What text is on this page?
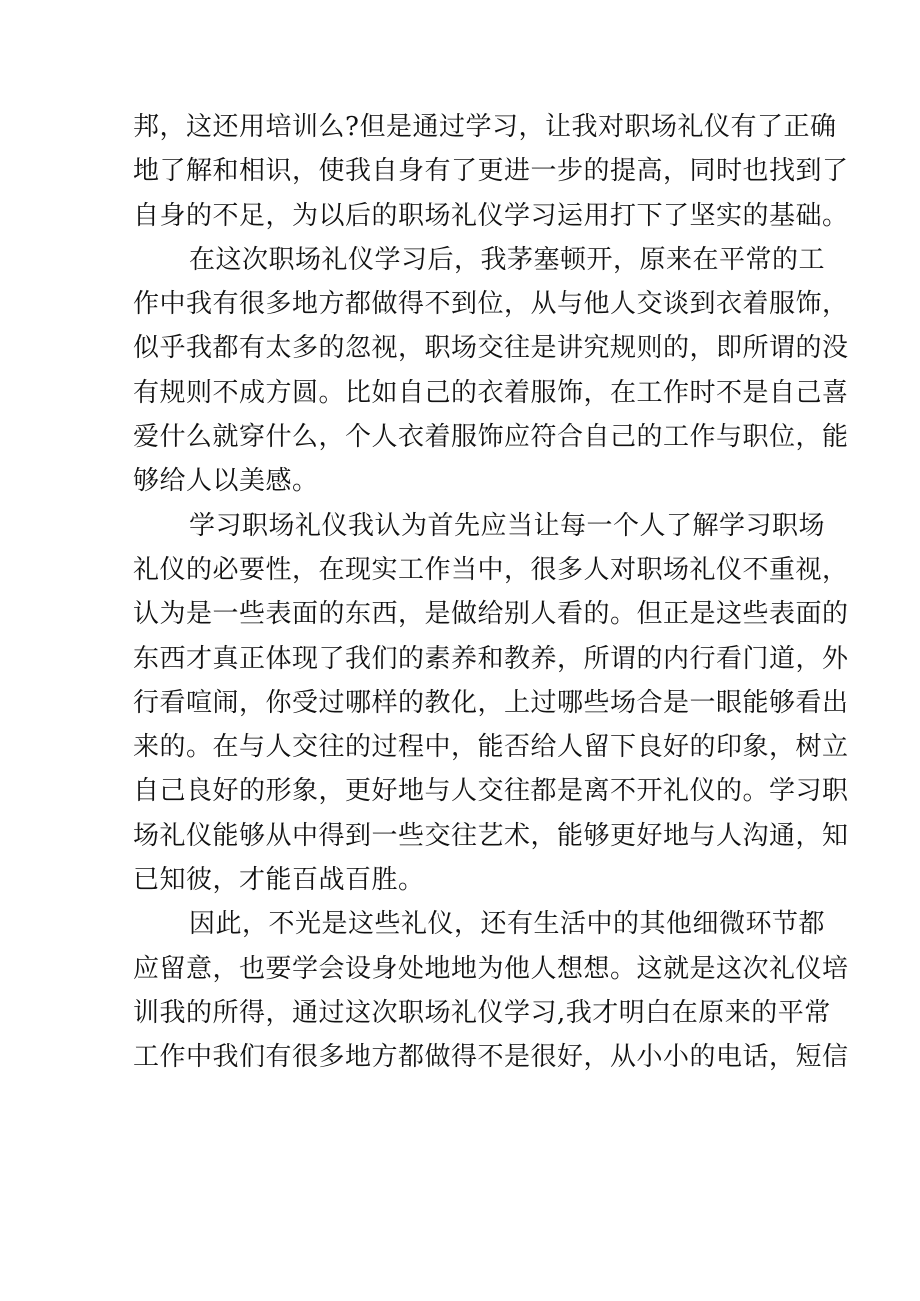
邦，这还用培训么?但是通过学习，让我对职场礼仪有了正确
地了解和相识，使我自身有了更进一步的提高，同时也找到了
自身的不足，为以后的职场礼仪学习运用打下了坚实的基础。
在这次职场礼仪学习后，我茅塞顿开，原来在平常的工
作中我有很多地方都做得不到位，从与他人交谈到衣着服饰，
似乎我都有太多的忽视，职场交往是讲究规则的，即所谓的没
有规则不成方圆。比如自己的衣着服饰，在工作时不是自己喜
爱什么就穿什么，个人衣着服饰应符合自己的工作与职位，能
够给人以美感。
学习职场礼仪我认为首先应当让每一个人了解学习职场
礼仪的必要性，在现实工作当中，很多人对职场礼仪不重视，
认为是一些表面的东西，是做给别人看的。但正是这些表面的
东西才真正体现了我们的素养和教养，所谓的内行看门道，外
行看喧闹，你受过哪样的教化，上过哪些场合是一眼能够看出
来的。在与人交往的过程中，能否给人留下良好的印象，树立
自己良好的形象，更好地与人交往都是离不开礼仪的。学习职
场礼仪能够从中得到一些交往艺术，能够更好地与人沟通，知
已知彼，才能百战百胜。
因此，不光是这些礼仪，还有生活中的其他细微环节都
应留意，也要学会设身处地地为他人想想。这就是这次礼仪培
训我的所得，通过这次职场礼仪学习,我才明白在原来的平常
工作中我们有很多地方都做得不是很好，从小小的电话，短信
